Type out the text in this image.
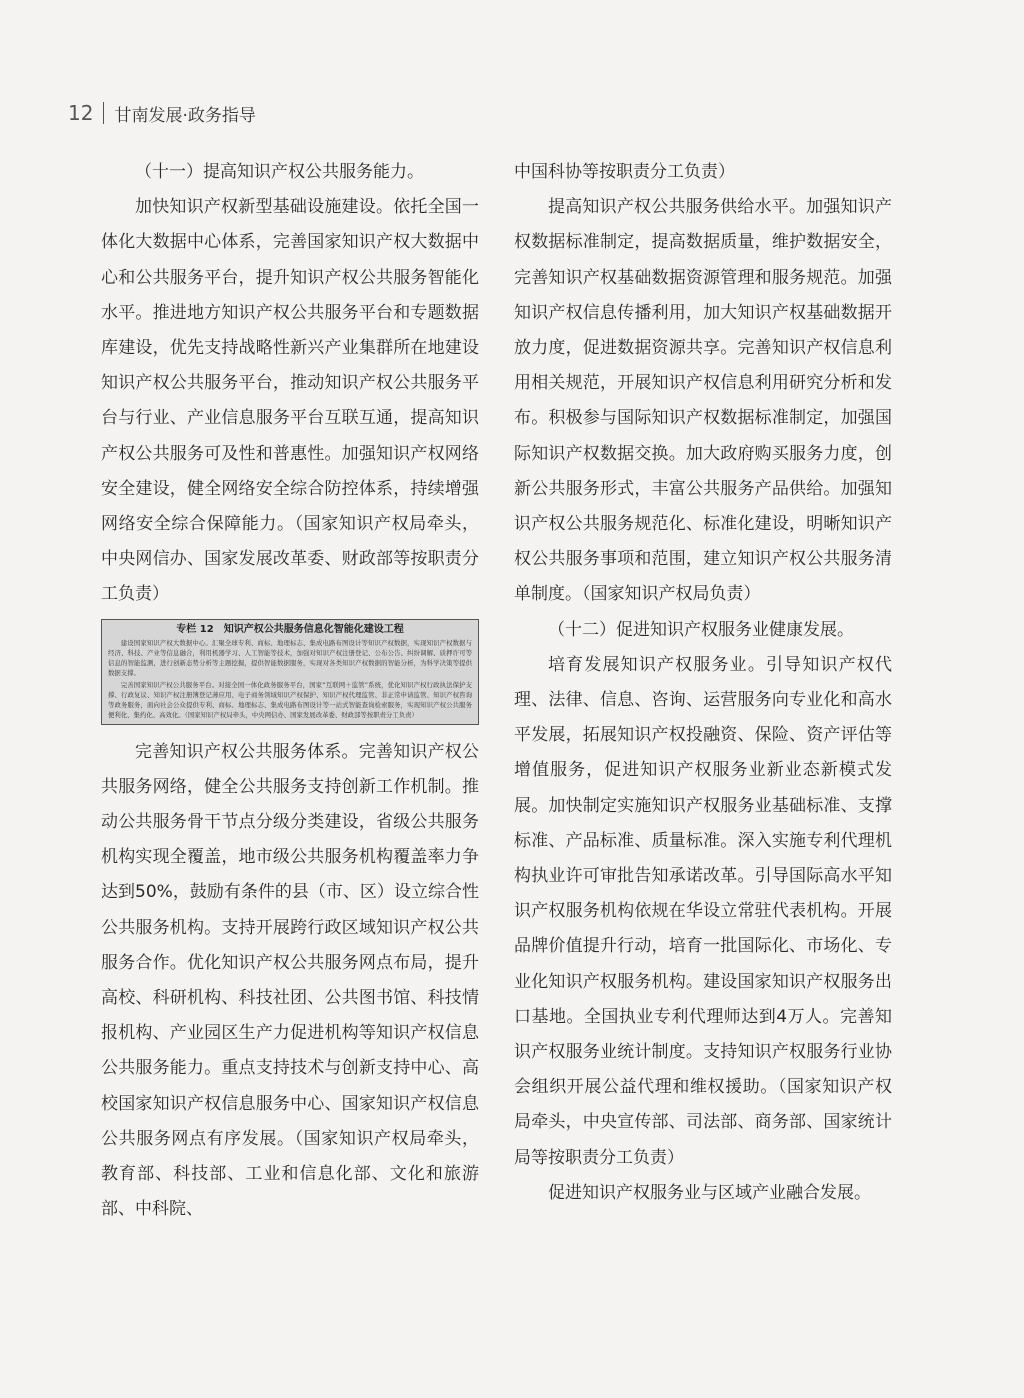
12 甘南发展·政务指导

（十一）提高知识产权公共服务能力。

加快知识产权新型基础设施建设。依托全国一体化大数据中心体系，完善国家知识产权大数据中心和公共服务平台，提升知识产权公共服务智能化水平。推进地方知识产权公共服务平台和专题数据库建设，优先支持战略性新兴产业集群所在地建设知识产权公共服务平台，推动知识产权公共服务平台与行业、产业信息服务平台互联互通，提高知识产权公共服务可及性和普惠性。加强知识产权网络安全建设，健全网络安全综合防控体系，持续增强网络安全综合保障能力。（国家知识产权局牵头，中央网信办、国家发展改革委、财政部等按职责分工负责）

专栏 12　知识产权公共服务信息化智能化建设工程

建设国家知识产权大数据中心。汇聚全球专利、商标、地理标志、集成电路布图设计等知识产权数据，实现知识产权数据与经济、科技、产业等信息融合，利用机器学习、人工智能等技术，加强对知识产权注册登记、公布公告、纠纷调解、质押许可等信息的智能监测，进行创新态势分析等主题挖掘，提供智能数据服务，实现对各类知识产权数据的智能分析，为科学决策等提供数据支撑。

完善国家知识产权公共服务平台。对接全国一体化政务服务平台，国家“互联网＋监管”系统，优化知识产权行政执法保护支撑、行政复议、知识产权注册簿登记薄应用、电子商务领域知识产权保护、知识产权代理监管、非正常申请监管、知识产权咨询等政务服务，面向社会公众提供专利、商标、地理标志、集成电路布图设计等一站式智能查询检索服务，实现知识产权公共服务便利化、集约化、高效化。（国家知识产权局牵头，中央网信办、国家发展改革委、财政部等按职责分工负责）

完善知识产权公共服务体系。完善知识产权公共服务网络，健全公共服务支持创新工作机制。推动公共服务骨干节点分级分类建设，省级公共服务机构实现全覆盖，地市级公共服务机构覆盖率力争达到50%，鼓励有条件的县（市、区）设立综合性公共服务机构。支持开展跨行政区域知识产权公共服务合作。优化知识产权公共服务网点布局，提升高校、科研机构、科技社团、公共图书馆、科技情报机构、产业园区生产力促进机构等知识产权信息公共服务能力。重点支持技术与创新支持中心、高校国家知识产权信息服务中心、国家知识产权信息公共服务网点有序发展。（国家知识产权局牵头，教育部、科技部、工业和信息化部、文化和旅游部、中科院、

中国科协等按职责分工负责）

提高知识产权公共服务供给水平。加强知识产权数据标准制定，提高数据质量，维护数据安全，完善知识产权基础数据资源管理和服务规范。加强知识产权信息传播利用，加大知识产权基础数据开放力度，促进数据资源共享。完善知识产权信息利用相关规范，开展知识产权信息利用研究分析和发布。积极参与国际知识产权数据标准制定，加强国际知识产权数据交换。加大政府购买服务力度，创新公共服务形式，丰富公共服务产品供给。加强知识产权公共服务规范化、标准化建设，明晰知识产权公共服务事项和范围，建立知识产权公共服务清单制度。（国家知识产权局负责）

（十二）促进知识产权服务业健康发展。

培育发展知识产权服务业。引导知识产权代理、法律、信息、咨询、运营服务向专业化和高水平发展，拓展知识产权投融资、保险、资产评估等增值服务，促进知识产权服务业新业态新模式发展。加快制定实施知识产权服务业基础标准、支撑标准、产品标准、质量标准。深入实施专利代理机构执业许可审批告知承诺改革。引导国际高水平知识产权服务机构依规在华设立常驻代表机构。开展品牌价值提升行动，培育一批国际化、市场化、专业化知识产权服务机构。建设国家知识产权服务出口基地。全国执业专利代理师达到4万人。完善知识产权服务业统计制度。支持知识产权服务行业协会组织开展公益代理和维权援助。（国家知识产权局牵头，中央宣传部、司法部、商务部、国家统计局等按职责分工负责）

促进知识产权服务业与区域产业融合发展。
